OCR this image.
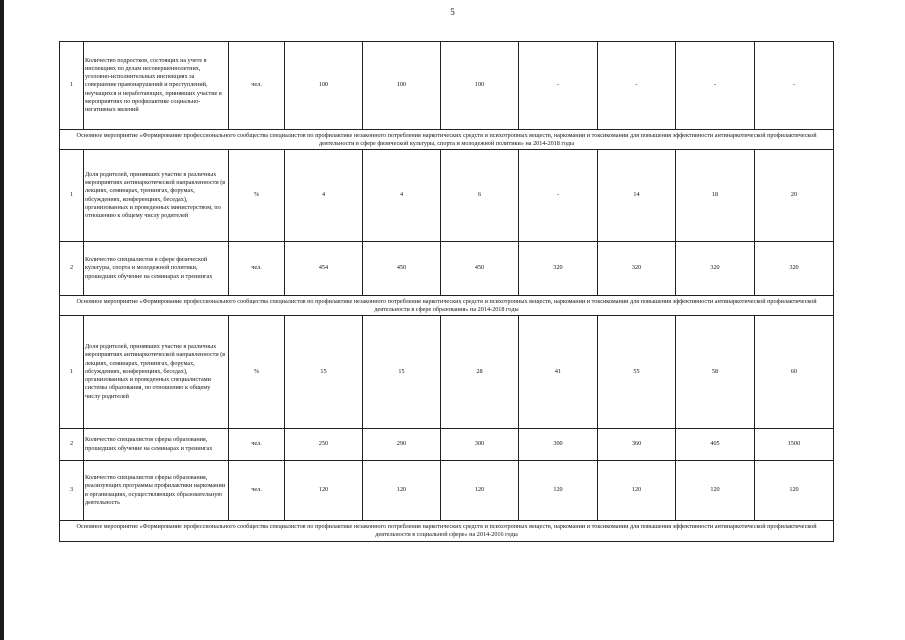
5
1	Количество подростков, состоящих на учете в инспекциях по делам несовершеннолетних, уголовно-исполнительных инспекциях за совершение правонарушений и преступлений, неучащихся и неработающих, принявших участие в мероприятиях по профилактике социально-негативных явлений	чел.	100	100	100	-	-	-	-
Основное мероприятие «Формирование профессионального сообщества специалистов по профилактике незаконного потребления наркотических средств и психотропных веществ, наркомании и токсикомании для повышения эффективности антинаркотической профилактической деятельности в сфере физической культуры, спорта и молодежной политики» на 2014-2018 годы									
1	Доля родителей, принявших участие в различных мероприятиях антинаркотической направленности (в лекциях, семинарах, тренингах, форумах, обсуждениях, конференциях, беседах), организованных и проведенных министерством, по отношению к общему числу родителей	%	4	4	6	-	14	18	20
2	Количество специалистов в сфере физической культуры, спорта и молодежной политики, прошедших обучение на семинарах и тренингах	чел.	454	450	450	320	320	320	320
Основное мероприятие «Формирование профессионального сообщества специалистов по профилактике незаконного потребления наркотических средств и психотропных веществ, наркомании и токсикомании для повышения эффективности антинаркотической профилактической деятельности в сфере образования» на 2014-2018 годы									
1	Доля родителей, принявших участие в различных мероприятиях антинаркотической направленности (в лекциях, семинарах, тренингах, форумах, обсуждениях, конференциях, беседах), организованных и проведенных специалистами системы образования, по отношению к общему числу родителей	%	15	15	28	41	55	58	60
2	Количество специалистов сферы образования, прошедших обучение на семинарах и тренингах	чел.	250	290	300	300	360	405	1500
3	Количество специалистов сферы образования, реализующих программы профилактики наркомании в организациях, осуществляющих образовательную деятельность	чел.	120	120	120	120	120	120	120
Основное мероприятие «Формирование профессионального сообщества специалистов по профилактике незаконного потребления наркотических средств и психотропных веществ, наркомании и токсикомании для повышения эффективности антинаркотической профилактической деятельности в социальной сфере» на 2014-2016 годы									
